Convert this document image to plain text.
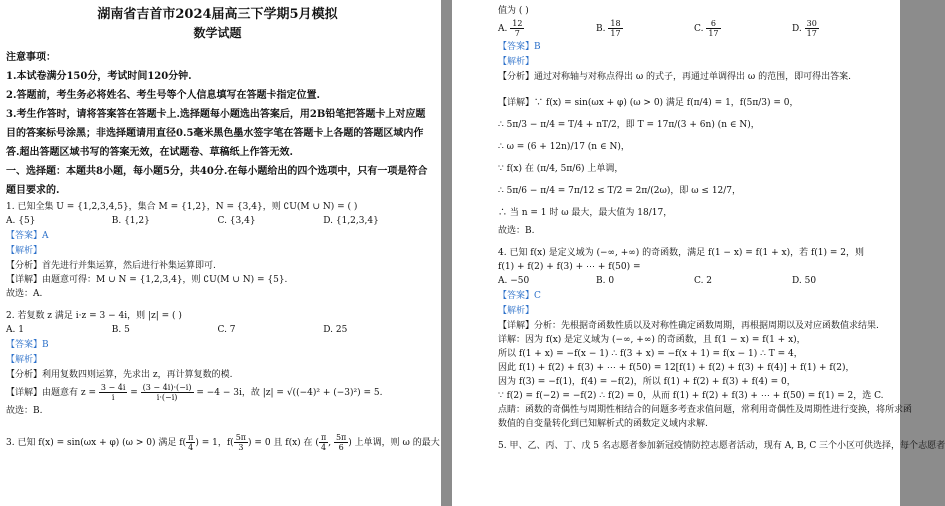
湖南省吉首市2024届高三下学期5月模拟
数学试题
注意事项：
1.本试卷满分150分，考试时间120分钟.
2.答题前，考生务必将姓名、考生号等个人信息填写在答题卡指定位置.
3.考生作答时，请将答案答在答题卡上.选择题每小题选出答案后，用2B铅笔把答题卡上对应题目的答案标号涂黑；非选择题请用直径0.5毫米黑色墨水签字笔在答题卡上各题的答题区域内作答.超出答题区域书写的答案无效，在试题卷、草稿纸上作答无效.
一、选择题：本题共8小题，每小题5分，共40分.在每小题给出的四个选项中，只有一项是符合题目要求的.
1. 已知全集 U = {1,2,3,4,5}，集合 M = {1,2}，N = {3,4}，则 ∁U(M ∪ N) = ( )
A. {5}	B. {1,2}	C. {3,4}	D. {1,2,3,4}
【答案】A
【解析】
【分析】首先进行并集运算，然后进行补集运算即可.
【详解】由题意可得：M ∪ N = {1,2,3,4}，则 ∁U(M ∪ N) = {5}.
故选：A.
2. 若复数 z 满足 i·z = 3 − 4i，则 |z| = ( )
A. 1	B. 5	C. 7	D. 25
【答案】B
【解析】
【分析】利用复数四则运算，先求出 z，再计算复数的模.
【详解】由题意有 $z = \frac{3 - 4i}{i} = \frac{(3 - 4i)\cdot(-i)}{i\cdot(-i)} = -4 - 3i$，故 |z| = √((−4)² + (−3)²) = 5.
故选：B.
3. 已知 f(x) = sin(ωx + φ) (ω > 0) 满足 $f( \frac{\pi}{4}$ ) = 1，$f( \frac{5\pi}{3}$ ) = 0 且 f(x) 在 ( $\frac{\pi}{4}$ , $\frac{5\pi}{6}$ ) 上单调，则 ω 的最大
值为 ( )
A. $\frac{12}{7}$	B. $\frac{18}{17}$	C. $\frac{6}{17}$	D. $\frac{30}{17}$
【答案】B
【解析】
【分析】通过对称轴与对称点得出 ω 的式子，再通过单调得出 ω 的范围，即可得出答案.
【详解】∵ f(x) = sin(ωx + φ) (ω > 0) 满足 f(π/4) = 1，f(5π/3) = 0，
∴ 5π/3 − π/4 = T/4 + nT/2，即 T = 17π/(3 + 6n) (n ∈ N)，
∴ ω = (6 + 12n)/17 (n ∈ N)，
∵ f(x) 在 (π/4, 5π/6) 上单调，
∴ 5π/6 − π/4 = 7π/12 ≤ T/2 = 2π/(2ω)，即 ω ≤ 12/7，
∴ 当 n = 1 时 ω 最大，最大值为 18/17，
故选：B.
4. 已知 f(x) 是定义域为 (−∞, +∞) 的奇函数，满足 f(1 − x) = f(1 + x)，若 f(1) = 2，则
f(1) + f(2) + f(3) + ⋯ + f(50) =
A. −50	B. 0	C. 2	D. 50
【答案】C
【解析】
【详解】分析：先根据奇函数性质以及对称性确定函数周期，再根据周期以及对应函数值求结果.
详解：因为 f(x) 是定义域为 (−∞, +∞) 的奇函数，且 f(1 − x) = f(1 + x)，
所以 f(1 + x) = −f(x − 1) ∴ f(3 + x) = −f(x + 1) = f(x − 1) ∴ T = 4，
因此 f(1) + f(2) + f(3) + ⋯ + f(50) = 12[f(1) + f(2) + f(3) + f(4)] + f(1) + f(2)，
因为 f(3) = −f(1)，f(4) = −f(2)，所以 f(1) + f(2) + f(3) + f(4) = 0，
∵ f(2) = f(−2) = −f(2) ∴ f(2) = 0，从而 f(1) + f(2) + f(3) + ⋯ + f(50) = f(1) = 2，选 C.
点睛：函数的奇偶性与周期性相结合的问题多考查求值问题，常利用奇偶性及周期性进行变换，将所求函
数值的自变量转化到已知解析式的函数定义域内求解.
5. 甲、乙、丙、丁、戊 5 名志愿者参加新冠疫情防控志愿者活动，现有 A, B, C 三个小区可供选择，每个志愿者
